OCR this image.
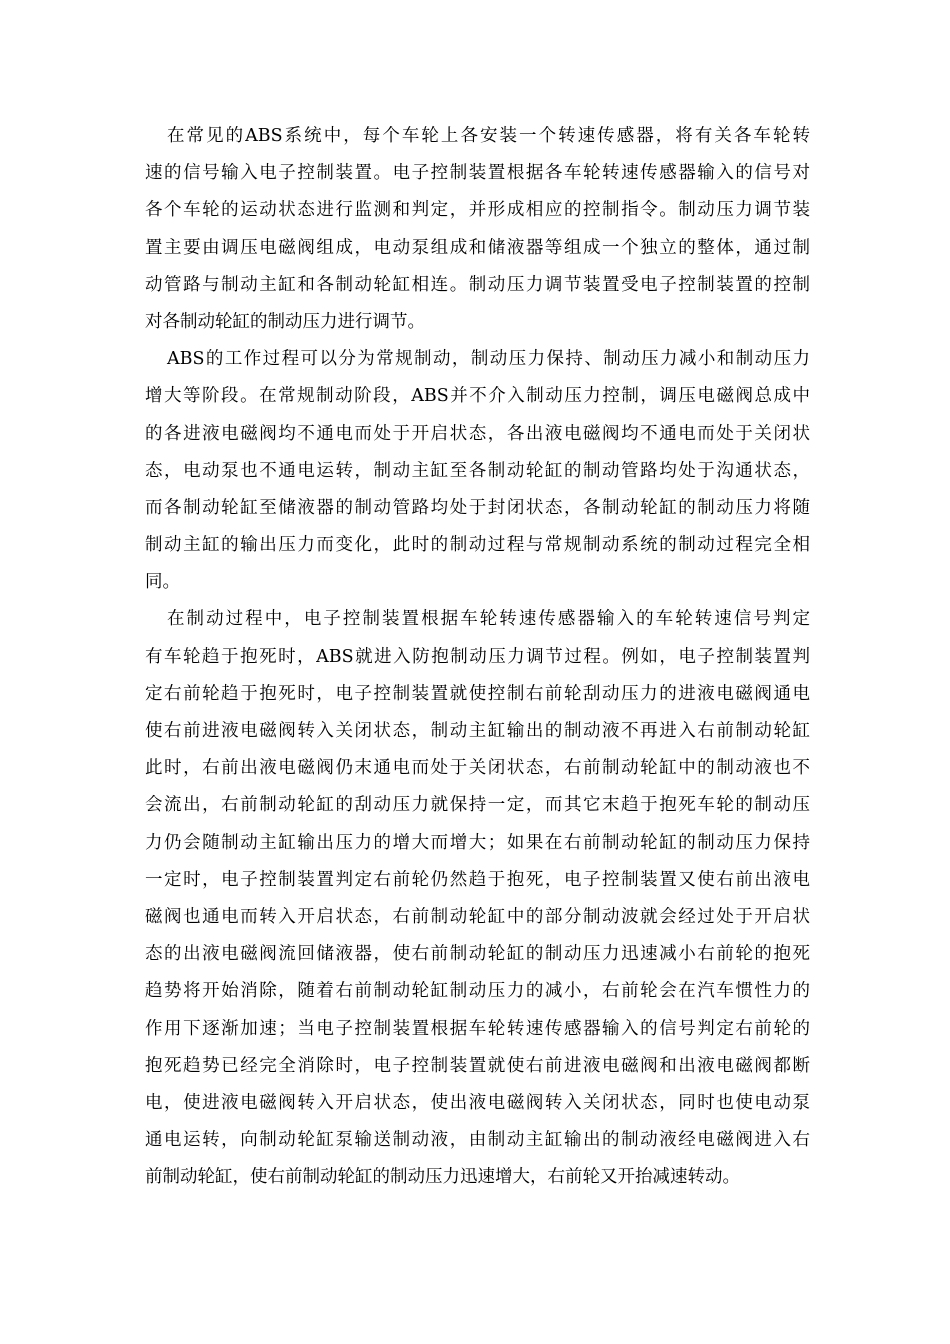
在常见的ABS系统中，每个车轮上各安装一个转速传感器，将有关各车轮转
速的信号输入电子控制装置。电子控制装置根据各车轮转速传感器输入的信号对
各个车轮的运动状态进行监测和判定，并形成相应的控制指令。制动压力调节装
置主要由调压电磁阀组成，电动泵组成和储液器等组成一个独立的整体，通过制
动管路与制动主缸和各制动轮缸相连。制动压力调节装置受电子控制装置的控制
对各制动轮缸的制动压力进行调节。

ABS的工作过程可以分为常规制动，制动压力保持、制动压力减小和制动压力
增大等阶段。在常规制动阶段，ABS并不介入制动压力控制，调压电磁阀总成中
的各进液电磁阀均不通电而处于开启状态，各出液电磁阀均不通电而处于关闭状
态，电动泵也不通电运转，制动主缸至各制动轮缸的制动管路均处于沟通状态，
而各制动轮缸至储液器的制动管路均处于封闭状态，各制动轮缸的制动压力将随
制动主缸的输出压力而变化，此时的制动过程与常规制动系统的制动过程完全相
同。

在制动过程中，电子控制装置根据车轮转速传感器输入的车轮转速信号判定
有车轮趋于抱死时，ABS就进入防抱制动压力调节过程。例如，电子控制装置判
定右前轮趋于抱死时，电子控制装置就使控制右前轮刮动压力的进液电磁阀通电
使右前进液电磁阀转入关闭状态，制动主缸输出的制动液不再进入右前制动轮缸
此时，右前出液电磁阀仍末通电而处于关闭状态，右前制动轮缸中的制动液也不
会流出，右前制动轮缸的刮动压力就保持一定，而其它末趋于抱死车轮的制动压
力仍会随制动主缸输出压力的增大而增大；如果在右前制动轮缸的制动压力保持
一定时，电子控制装置判定右前轮仍然趋于抱死，电子控制装置又使右前出液电
磁阀也通电而转入开启状态，右前制动轮缸中的部分制动波就会经过处于开启状
态的出液电磁阀流回储液器，使右前制动轮缸的制动压力迅速减小右前轮的抱死
趋势将开始消除，随着右前制动轮缸制动压力的减小，右前轮会在汽车惯性力的
作用下逐渐加速；当电子控制装置根据车轮转速传感器输入的信号判定右前轮的
抱死趋势已经完全消除时，电子控制装置就使右前进液电磁阀和出液电磁阀都断
电，使进液电磁阀转入开启状态，使出液电磁阀转入关闭状态，同时也使电动泵
通电运转，向制动轮缸泵输送制动液，由制动主缸输出的制动液经电磁阀进入右
前制动轮缸，使右前制动轮缸的制动压力迅速增大，右前轮又开抬减速转动。
